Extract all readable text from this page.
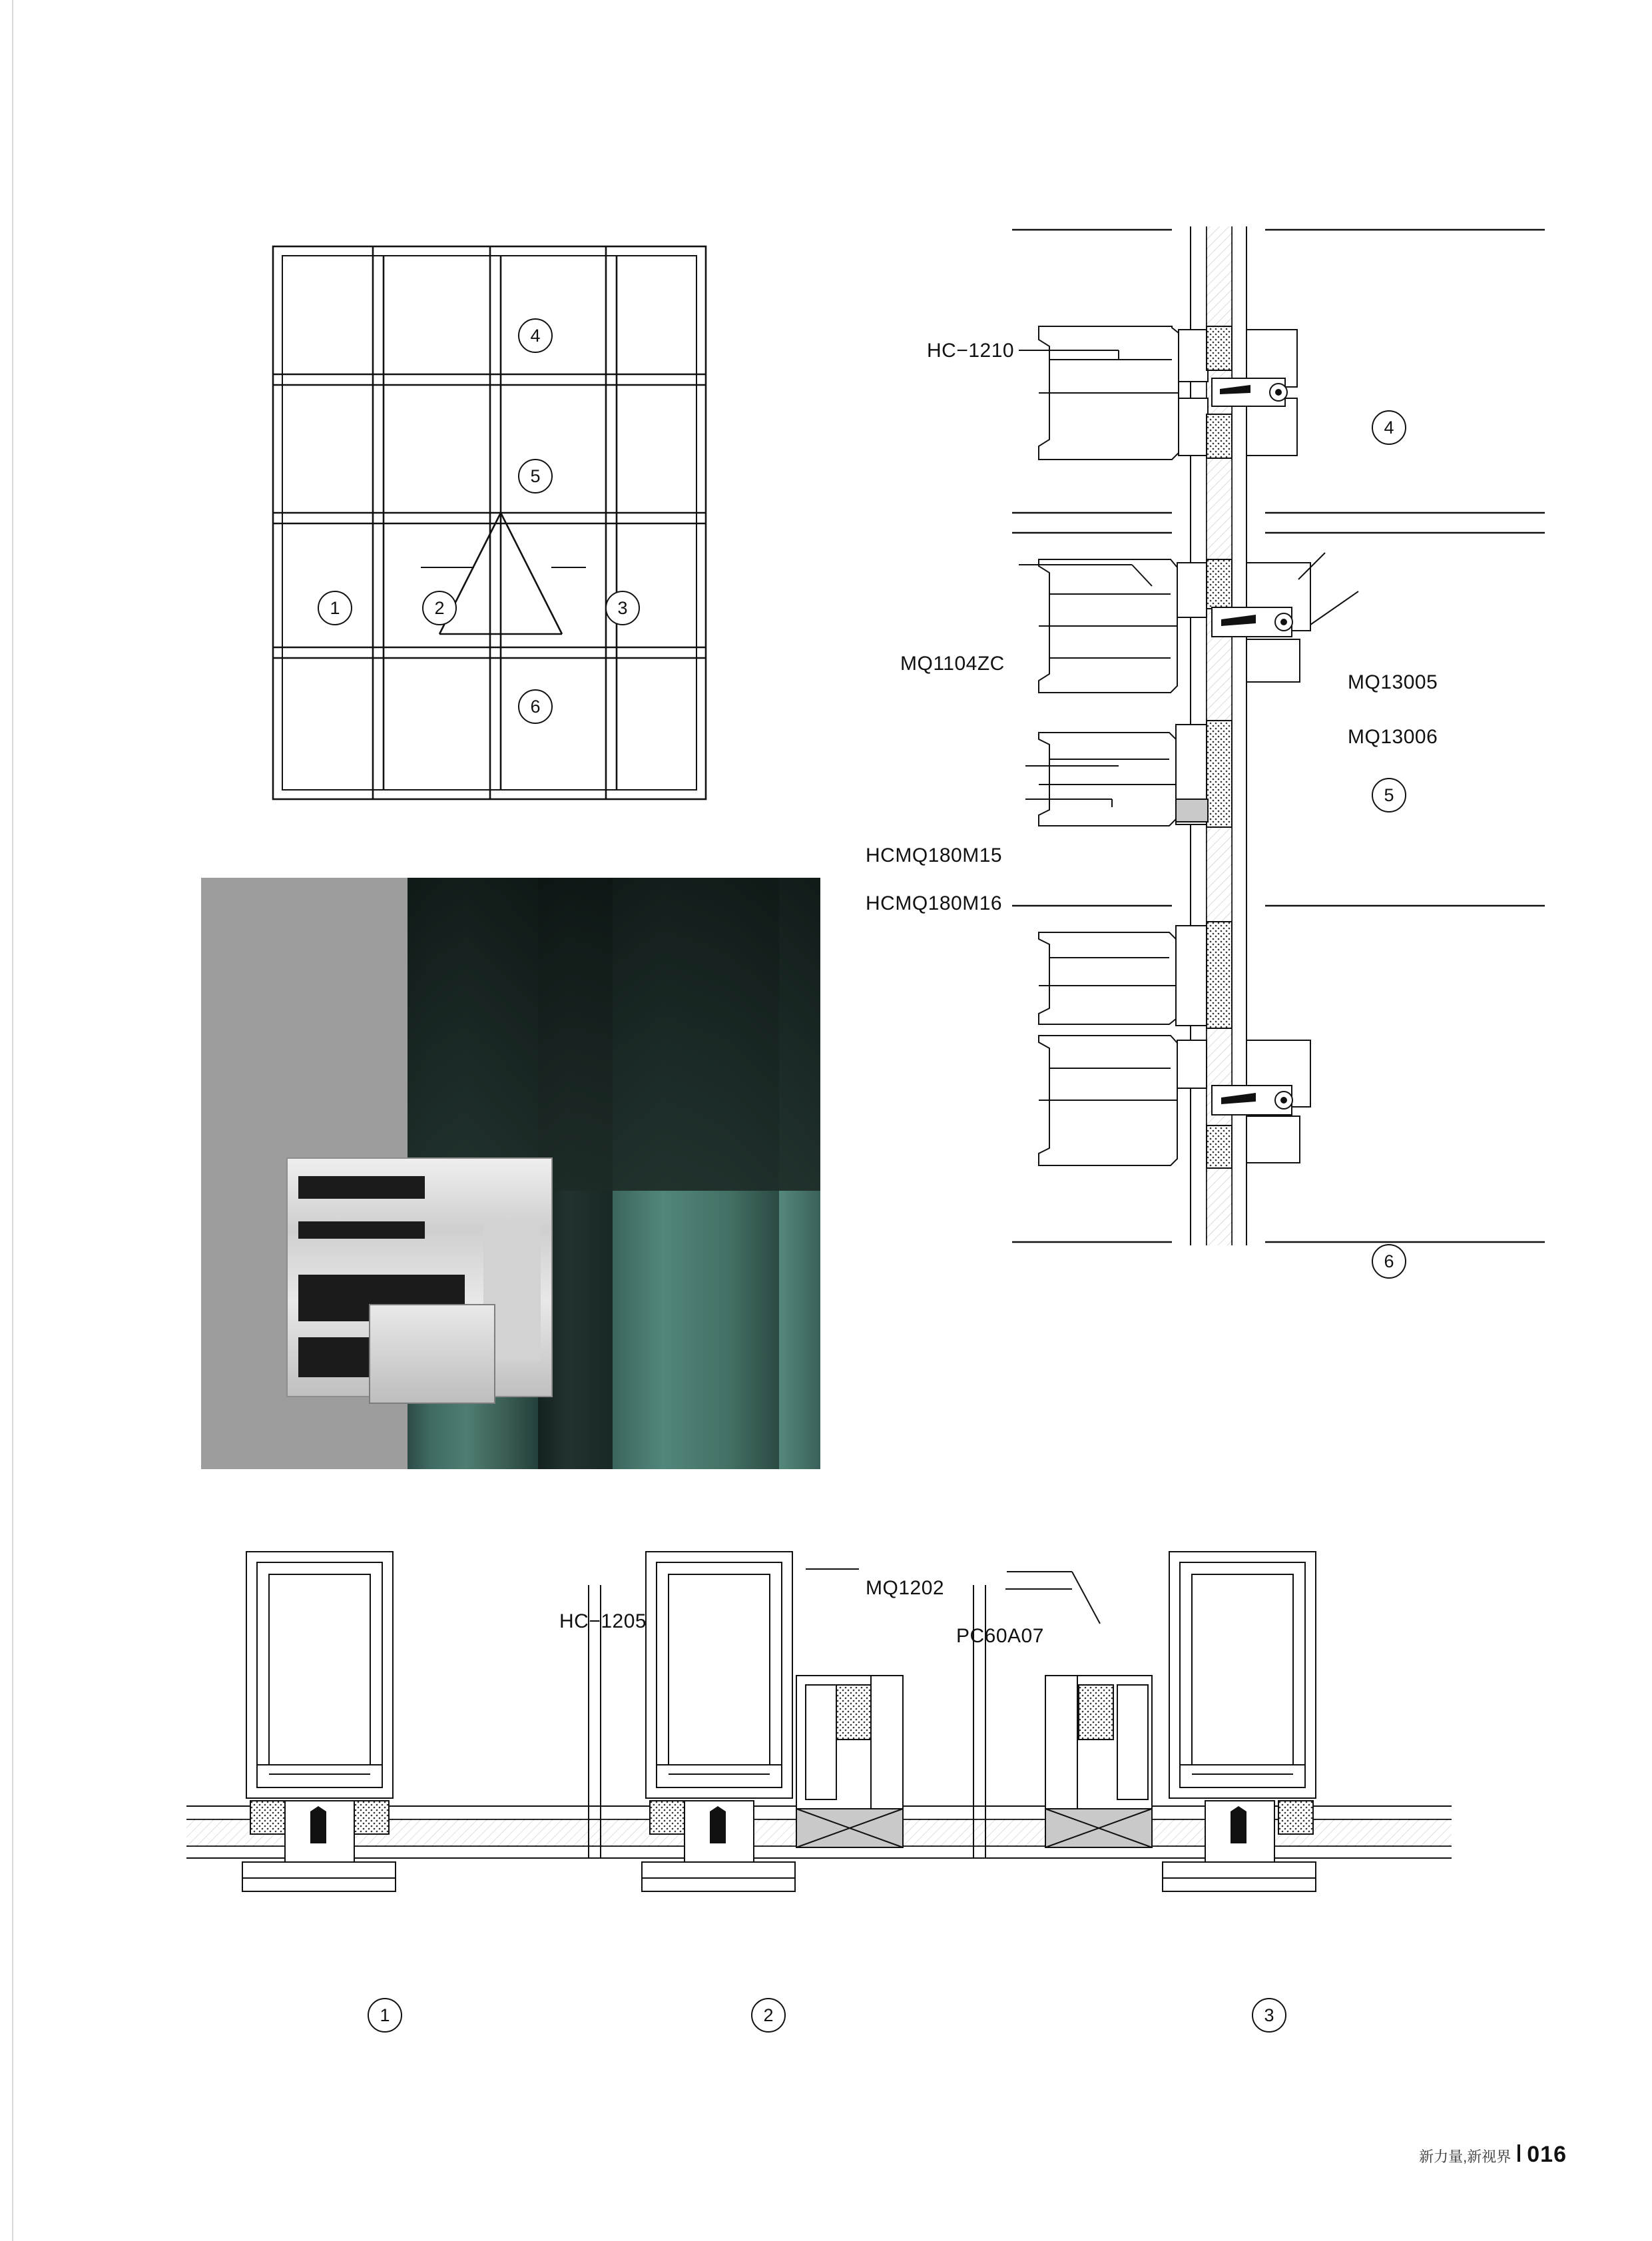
4
5
6
1	2	3
HC−1210
MQ1104ZC
MQ13005
MQ13006
HCMQ180M15
HCMQ180M16
4
5
6
HC−1205
MQ1202
PC60A07
1	2	3
新力量,新视界 016
